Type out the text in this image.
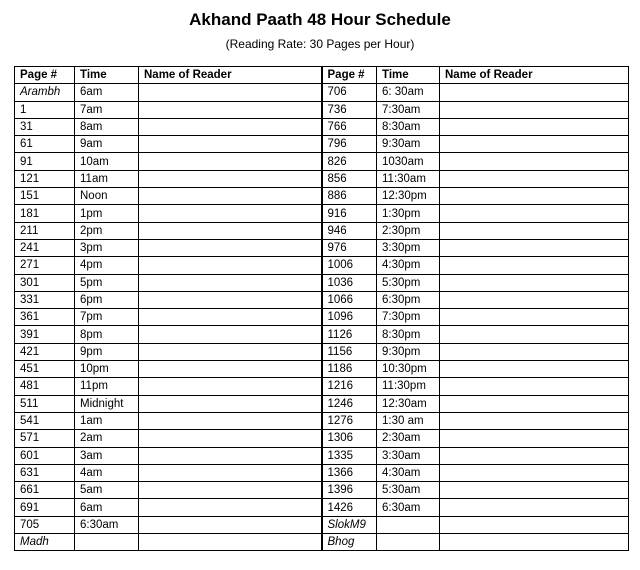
Akhand Paath 48 Hour Schedule
(Reading Rate: 30 Pages per Hour)
Page #	Time	Name of Reader	Page #	Time	Name of Reader
Arambh	6am		706	6: 30am	
1	7am		736	7:30am	
31	8am		766	8:30am	
61	9am		796	9:30am	
91	10am		826	1030am	
121	11am		856	11:30am	
151	Noon		886	12:30pm	
181	1pm		916	1:30pm	
211	2pm		946	2:30pm	
241	3pm		976	3:30pm	
271	4pm		1006	4:30pm	
301	5pm		1036	5:30pm	
331	6pm		1066	6:30pm	
361	7pm		1096	7:30pm	
391	8pm		1126	8:30pm	
421	9pm		1156	9:30pm	
451	10pm		1186	10:30pm	
481	11pm		1216	11:30pm	
511	Midnight		1246	12:30am	
541	1am		1276	1:30 am	
571	2am		1306	2:30am	
601	3am		1335	3:30am	
631	4am		1366	4:30am	
661	5am		1396	5:30am	
691	6am		1426	6:30am	
705	6:30am		SlokM9		
Madh			Bhog		
